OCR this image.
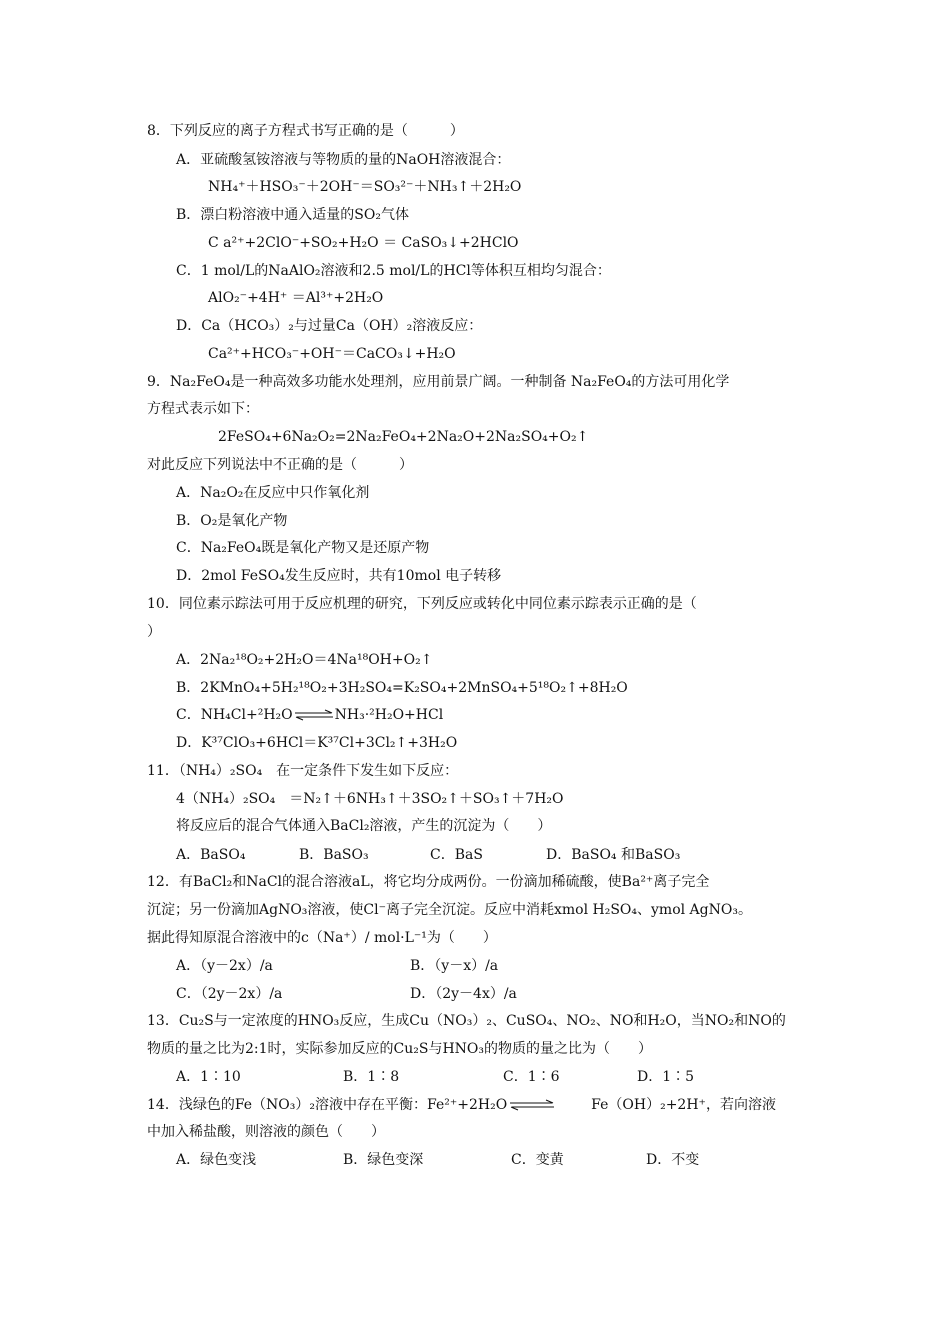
8．下列反应的离子方程式书写正确的是（　　　）
A．亚硫酸氢铵溶液与等物质的量的NaOH溶液混合：
NH₄⁺＋HSO₃⁻＋2OH⁻＝SO₃²⁻＋NH₃↑＋2H₂O
B．漂白粉溶液中通入适量的SO₂气体
C a²⁺+2ClO⁻+SO₂+H₂O ＝ CaSO₃↓+2HClO
C．1 mol/L的NaAlO₂溶液和2.5 mol/L的HCl等体积互相均匀混合：
AlO₂⁻+4H⁺ ＝Al³⁺+2H₂O
D．Ca（HCO₃）₂与过量Ca（OH）₂溶液反应：
Ca²⁺+HCO₃⁻+OH⁻＝CaCO₃↓+H₂O
9．Na₂FeO₄是一种高效多功能水处理剂，应用前景广阔。一种制备 Na₂FeO₄的方法可用化学
方程式表示如下：
2FeSO₄+6Na₂O₂=2Na₂FeO₄+2Na₂O+2Na₂SO₄+O₂↑
对此反应下列说法中不正确的是（　　　）
A．Na₂O₂在反应中只作氧化剂
B．O₂是氧化产物
C．Na₂FeO₄既是氧化产物又是还原产物
D．2mol FeSO₄发生反应时，共有10mol 电子转移
10．同位素示踪法可用于反应机理的研究，下列反应或转化中同位素示踪表示正确的是（
）
A．2Na₂¹⁸O₂+2H₂O＝4Na¹⁸OH+O₂↑
B．2KMnO₄+5H₂¹⁸O₂+3H₂SO₄=K₂SO₄+2MnSO₄+5¹⁸O₂↑+8H₂O
C．NH₄Cl+²H₂O⇌NH₃·²H₂O+HCl
D．K³⁷ClO₃+6HCl＝K³⁷Cl+3Cl₂↑+3H₂O
11．（NH₄）₂SO₄　在一定条件下发生如下反应：
4（NH₄）₂SO₄　＝N₂↑＋6NH₃↑＋3SO₂↑＋SO₃↑＋7H₂O
将反应后的混合气体通入BaCl₂溶液，产生的沉淀为（　　）
A．BaSO₄	B．BaSO₃	C．BaS	D．BaSO₄ 和BaSO₃
12．有BaCl₂和NaCl的混合溶液aL，将它均分成两份。一份滴加稀硫酸，使Ba²⁺离子完全
沉淀；另一份滴加AgNO₃溶液，使Cl⁻离子完全沉淀。反应中消耗xmol H₂SO₄、ymol AgNO₃。
据此得知原混合溶液中的c（Na⁺）/ mol·L⁻¹为（　　）
A．（y－2x）/a	B．（y－x）/a
C．（2y－2x）/a	D．（2y－4x）/a
13．Cu₂S与一定浓度的HNO₃反应，生成Cu（NO₃）₂、CuSO₄、NO₂、NO和H₂O，当NO₂和NO的
物质的量之比为2:1时，实际参加反应的Cu₂S与HNO₃的物质的量之比为（　　）
A．1∶10	B．1∶8	C．1∶6	D．1∶5
14．浅绿色的Fe（NO₃）₂溶液中存在平衡：Fe²⁺+2H₂O ⇌	Fe（OH）₂+2H⁺，若向溶液
中加入稀盐酸，则溶液的颜色（　　）
A．绿色变浅	B．绿色变深	C．变黄	D．不变
